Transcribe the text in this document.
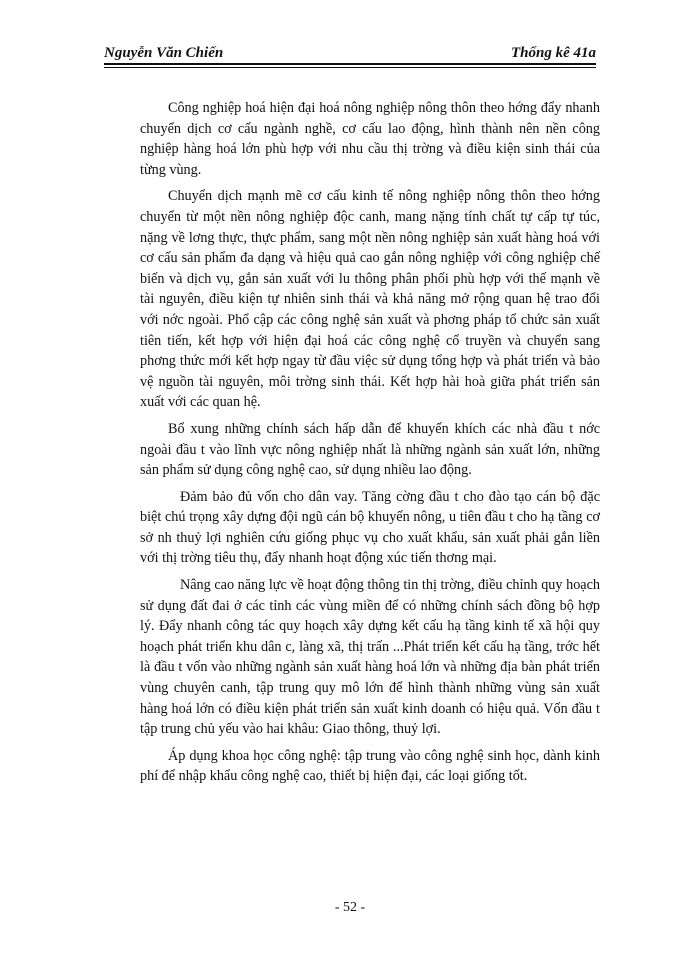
Nguyễn Văn Chiến	Thống kê 41a

Công nghiệp hoá hiện đại hoá nông nghiệp nông thôn theo hớng đẩy nhanh chuyển dịch cơ cấu ngành nghề, cơ cấu lao động, hình thành nên nền công nghiệp hàng hoá lớn phù hợp với nhu cầu thị trờng và điều kiện sinh thái của từng vùng.

Chuyển dịch mạnh mẽ cơ cấu kinh tế nông nghiệp nông thôn theo hớng chuyển từ một nền nông nghiệp độc canh, mang nặng tính chất tự cấp tự túc, nặng về lơng thực, thực phẩm, sang một nền nông nghiệp sản xuất hàng hoá với cơ cấu sản phẩm đa dạng và hiệu quả cao gắn nông nghiệp với công nghiệp chế biến và dịch vụ, gắn sản xuất với lu thông phân phối phù hợp với thế mạnh về tài nguyên, điều kiện tự nhiên sinh thái và khả năng mở rộng quan hệ trao đổi với nớc ngoài. Phổ cập các công nghệ sản xuất và phơng pháp tổ chức sản xuất tiên tiến, kết hợp với hiện đại hoá các công nghệ cổ truyền và chuyển sang phơng thức mới kết hợp ngay từ đầu việc sử dụng tổng hợp và phát triển và bảo vệ nguồn tài nguyên, môi trờng sinh thái. Kết hợp hài hoà giữa phát triển sản xuất với các quan hệ.

Bổ xung những chính sách hấp dẫn để khuyến khích các nhà đầu t nớc ngoài đầu t vào lĩnh vực nông nghiệp nhất là những ngành sản xuất lớn, những sản phẩm sử dụng công nghệ cao, sử dụng nhiều lao động.

Đảm bảo đủ vốn cho dân vay. Tăng cờng đầu t cho đào tạo cán bộ đặc biệt chú trọng xây dựng đội ngũ cán bộ khuyến nông, u tiên đầu t cho hạ tầng cơ sở nh thuỷ lợi nghiên cứu giống phục vụ cho xuất khẩu, sản xuất phải gắn liền với thị trờng tiêu thụ, đẩy nhanh hoạt động xúc tiến thơng mại.

Nâng cao năng lực về hoạt động thông tin thị trờng, điều chỉnh quy hoạch sử dụng đất đai ở các tỉnh các vùng miền để có những chính sách đồng bộ hợp lý. Đẩy nhanh công tác quy hoạch xây dựng kết cấu hạ tầng kinh tế xã hội quy hoạch phát triển khu dân c, làng xã, thị trấn ...Phát triển kết cấu hạ tầng, trớc hết là đầu t vốn vào những ngành sản xuất hàng hoá lớn và những địa bàn phát triển vùng chuyên canh, tập trung quy mô lớn để hình thành những vùng sản xuất hàng hoá lớn có điều kiện phát triển sản xuất kinh doanh có hiệu quả. Vốn đầu t tập trung chủ yếu vào hai khâu: Giao thông, thuỷ lợi.

Áp dụng khoa học công nghệ: tập trung vào công nghệ sinh học, dành kinh phí để nhập khẩu công nghệ cao, thiết bị hiện đại, các loại giống tốt.

- 52 -
